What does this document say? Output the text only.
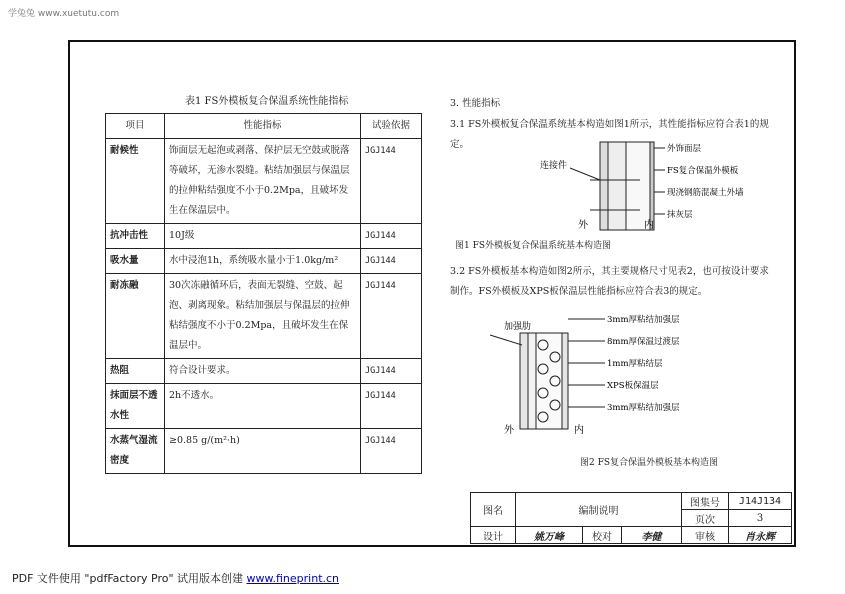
学兔兔 www.xuetutu.com
表1 FS外模板复合保温系统性能指标
项目	性能指标	试验依据
耐候性	饰面层无起泡或剥落、保护层无空鼓或脱落等破坏，无渗水裂缝。粘结加强层与保温层的拉伸粘结强度不小于0.2Mpa，且破坏发生在保温层中。	JGJ144
抗冲击性	10J级	JGJ144
吸水量	水中浸泡1h，系统吸水量小于1.0kg/m²	JGJ144
耐冻融	30次冻融循环后，表面无裂缝、空鼓、起泡、剥离现象。粘结加强层与保温层的拉伸粘结强度不小于0.2Mpa，且破坏发生在保温层中。	JGJ144
热阻	符合设计要求。	JGJ144
抹面层不透水性	2h不透水。	JGJ144
水蒸气湿流密度	≥0.85 g/(m²·h)	JGJ144
3. 性能指标
3.1 FS外模板复合保温系统基本构造如图1所示，其性能指标应符合表1的规定。
连接件
外饰面层
FS复合保温外模板
现浇钢筋混凝土外墙
抹灰层
外	内
图1 FS外模板复合保温系统基本构造图
3.2 FS外模板基本构造如图2所示，其主要规格尺寸见表2，也可按设计要求制作。FS外模板及XPS板保温层性能指标应符合表3的规定。
加强肋
3mm厚粘结加强层
8mm厚保温过渡层
1mm厚粘结层
XPS板保温层
3mm厚粘结加强层
外	内
图2 FS复合保温外模板基本构造图
图名	编制说明			图集号	J14J134
				页次	3
设计	姚万峰	校对	李健	审核	肖永辉
PDF 文件使用 "pdfFactory Pro" 试用版本创建 www.fineprint.cn
